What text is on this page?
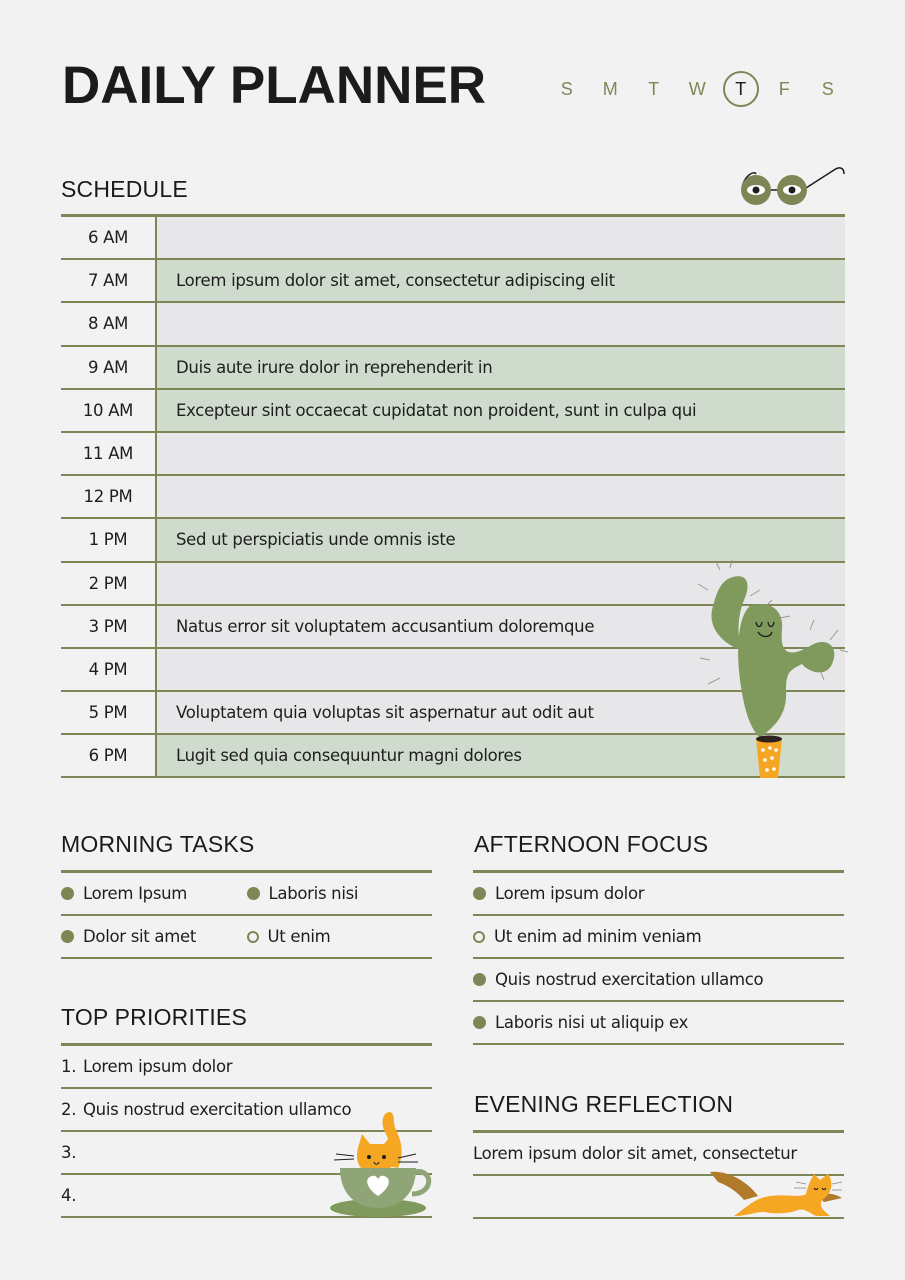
DAILY PLANNER	S M T W	T	F S
SCHEDULE
6 AM
7 AM	Lorem ipsum dolor sit amet, consectetur adipiscing elit
8 AM
9 AM	Duis aute irure dolor in reprehenderit in
10 AM	Excepteur sint occaecat cupidatat non proident, sunt in culpa qui
11 AM
12 PM
1 PM	Sed ut perspiciatis unde omnis iste
2 PM
3 PM	Natus error sit voluptatem accusantium doloremque
4 PM
5 PM	Voluptatem quia voluptas sit aspernatur aut odit aut
6 PM	Lugit sed quia consequuntur magni dolores
MORNING TASKS
Lorem Ipsum	Laboris nisi
Dolor sit amet	Ut enim
AFTERNOON FOCUS
Lorem ipsum dolor
Ut enim ad minim veniam
Quis nostrud exercitation ullamco
Laboris nisi ut aliquip ex
TOP PRIORITIES
1. Lorem ipsum dolor
2. Quis nostrud exercitation ullamco
3.
4.
EVENING REFLECTION
Lorem ipsum dolor sit amet, consectetur
